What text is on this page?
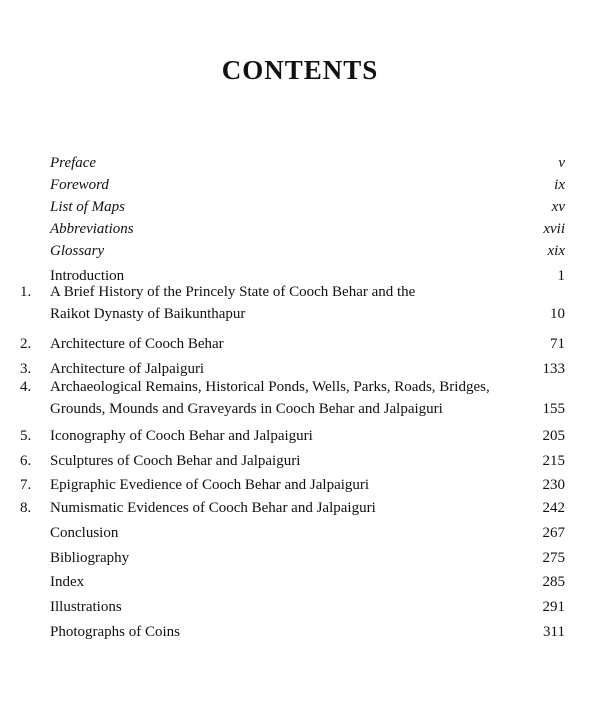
CONTENTS
Preface	v
Foreword	ix
List of Maps	xv
Abbreviations	xvii
Glossary	xix
Introduction	1
1. A Brief History of the Princely State of Cooch Behar and the
Raikot Dynasty of Baikunthapur	10
2. Architecture of Cooch Behar	71
3. Architecture of Jalpaiguri	133
4. Archaeological Remains, Historical Ponds, Wells, Parks, Roads, Bridges,
Grounds, Mounds and Graveyards in Cooch Behar and Jalpaiguri	155
5. Iconography of Cooch Behar and Jalpaiguri	205
6. Sculptures of Cooch Behar and Jalpaiguri	215
7. Epigraphic Evedience of Cooch Behar and Jalpaiguri	230
8. Numismatic Evidences of Cooch Behar and Jalpaiguri	242
Conclusion	267
Bibliography	275
Index	285
Illustrations	291
Photographs of Coins	311
